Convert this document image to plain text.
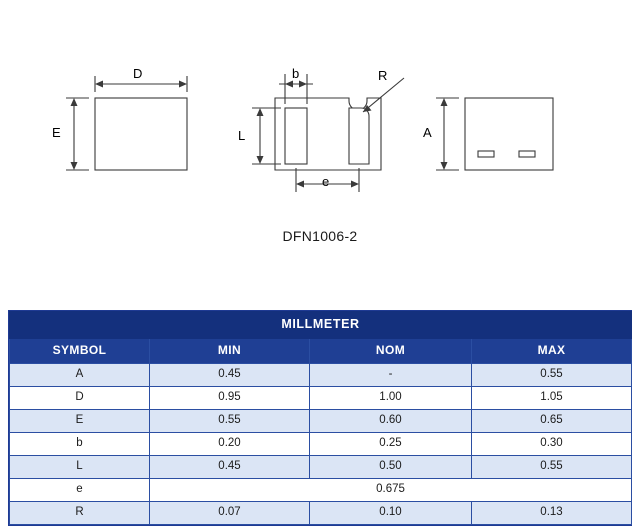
D
E
b
L
e
R
A
DFN1006-2
MILLMETER			
SYMBOL	MIN	NOM	MAX
A	0.45	-	0.55
D	0.95	1.00	1.05
E	0.55	0.60	0.65
b	0.20	0.25	0.30
L	0.45	0.50	0.55
e	0.675		
R	0.07	0.10	0.13
